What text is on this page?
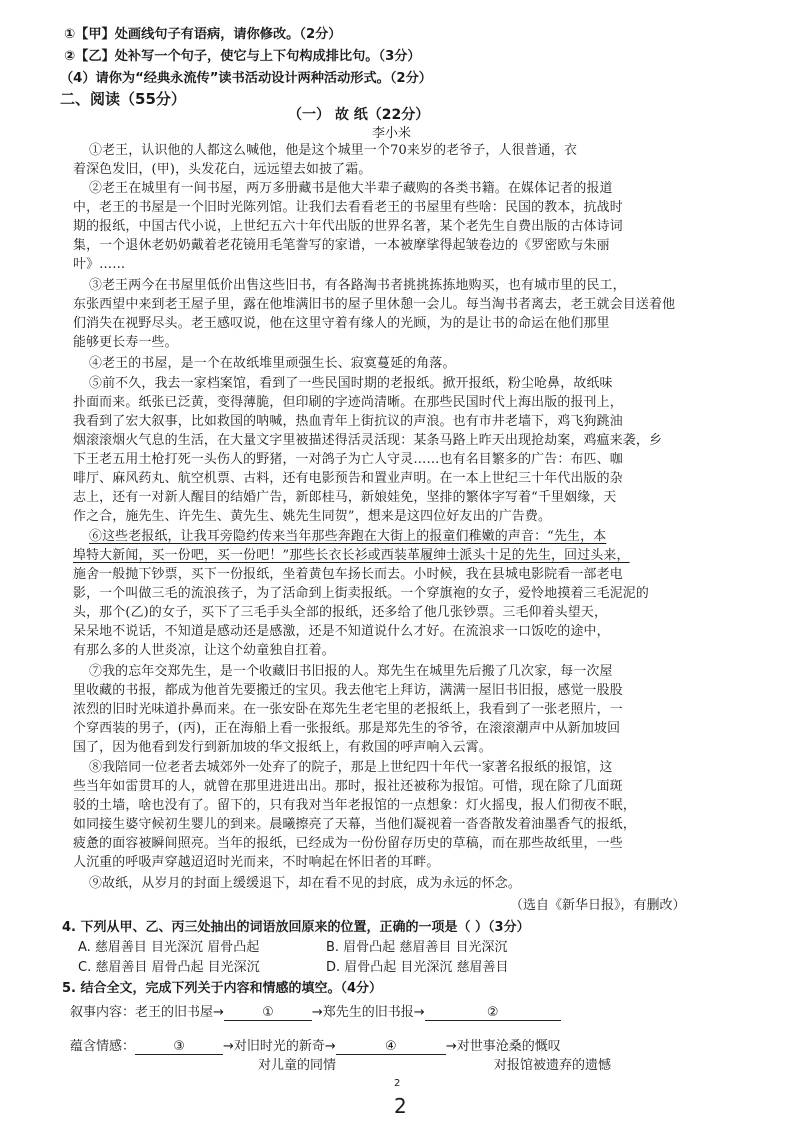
①【甲】处画线句子有语病，请你修改。（2分）
②【乙】处补写一个句子，使它与上下句构成排比句。（3分）
（4）请你为“经典永流传”读书活动设计两种活动形式。（2分）
二、阅读（55分）
（一） 故 纸（22分）
李小米
①老王，认识他的人都这么喊他，他是这个城里一个70来岁的老爷子，人很普通，衣
着深色发旧，(甲)，头发花白，远远望去如披了霜。
②老王在城里有一间书屋，两万多册藏书是他大半辈子藏购的各类书籍。在媒体记者的报道
中，老王的书屋是一个旧时光陈列馆。让我们去看看老王的书屋里有些啥：民国的教本，抗战时
期的报纸，中国古代小说，上世纪五六十年代出版的世界名著，某个老先生自费出版的古体诗词
集，一个退休老奶奶戴着老花镜用毛笔誊写的家谱，一本被摩挲得起皱卷边的《罗密欧与朱丽
叶》……
③老王两今在书屋里低价出售这些旧书，有各路淘书者挑挑拣拣地购买，也有城市里的民工，
东张西望中来到老王屋子里，露在他堆满旧书的屋子里休憩一会儿。每当淘书者离去，老王就会目送着他
们消失在视野尽头。老王感叹说，他在这里守着有缘人的光顾，为的是让书的命运在他们那里
能够更长寿一些。
④老王的书屋，是一个在故纸堆里顽强生长、寂寞蔓延的角落。
⑤前不久，我去一家档案馆，看到了一些民国时期的老报纸。掀开报纸，粉尘呛鼻，故纸味
扑面而来。纸张已泛黄，变得薄脆，但印刷的字迹尚清晰。在那些民国时代上海出版的报刊上，
我看到了宏大叙事，比如救国的呐喊，热血青年上街抗议的声浪。也有市井老墙下，鸡飞狗跳油
烟滚滚烟火气息的生活，在大量文字里被描述得活灵活现：某条马路上昨天出现抢劫案，鸡瘟来袭，乡
下王老五用土枪打死一头伤人的野猪，一对鸽子为亡人守灵……也有名目繁多的广告：布匹、咖
啡厅、麻风药丸、航空机票、古料，还有电影预告和置业声明。在一本上世纪三十年代出版的杂
志上，还有一对新人醒目的结婚广告，新郎桂马，新娘娃免，坚排的繁体字写着“千里姻缘，天
作之合，施先生、许先生、黄先生、姚先生同贺”，想来是这四位好友出的广告费。
⑥这些老报纸，让我耳旁隐约传来当年那些奔跑在大街上的报童们稚嫩的声音：“先生，本
埠特大新闻，买一份吧，买一份吧！”那些长衣长衫或西装革履绅士派头十足的先生，回过头来，
施舍一般抛下钞票，买下一份报纸，坐着黄包车扬长而去。小时候，我在县城电影院看一部老电
影，一个叫做三毛的流浪孩子，为了活命到上街卖报纸。一个穿旗袍的女子，爱怜地摸着三毛泥泥的
头，那个(乙)的女子，买下了三毛手头全部的报纸，还多给了他几张钞票。三毛仰着头望天，
呆呆地不说话，不知道是感动还是感激，还是不知道说什么才好。在流浪求一口饭吃的途中，
有那么多的人世炎凉，让这个幼童独自扛着。
⑦我的忘年交郑先生，是一个收藏旧书旧报的人。郑先生在城里先后搬了几次家，每一次屋
里收藏的书报，都成为他首先要搬迁的宝贝。我去他宅上拜访，满满一屋旧书旧报，感觉一股股
浓烈的旧时光味道扑鼻而来。在一张安卧在郑先生老宅里的老报纸上，我看到了一张老照片，一
个穿西装的男子，(丙)，正在海船上看一张报纸。那是郑先生的爷爷，在滚滚潮声中从新加坡回
国了，因为他看到发行到新加坡的华文报纸上，有救国的呼声响入云霄。
⑧我陪同一位老者去城郊外一处弃了的院子，那是上世纪四十年代一家著名报纸的报馆，这
些当年如雷贯耳的人，就曾在那里进进出出。那时，报社还被称为报馆。可惜，现在除了几面斑
驳的土墙，啥也没有了。留下的，只有我对当年老报馆的一点想象：灯火摇曳，报人们彻夜不眠，
如同接生婆守候初生婴儿的到来。晨曦擦亮了天幕，当他们凝视着一沓沓散发着油墨香气的报纸，
疲惫的面容被瞬间照亮。当年的报纸，已经成为一份份留存历史的草稿，而在那些故纸里，一些
人沉重的呼吸声穿越迢迢时光而来，不时响起在怀旧者的耳畔。
⑨故纸，从岁月的封面上缓缓退下，却在看不见的封底，成为永远的怀念。
（选自《新华日报》，有删改）
4. 下列从甲、乙、丙三处抽出的词语放回原来的位置，正确的一项是（ ）（3分）
A. 慈眉善目 目光深沉 眉骨凸起	B. 眉骨凸起 慈眉善目 目光深沉
C. 慈眉善目 眉骨凸起 目光深沉	D. 眉骨凸起 目光深沉 慈眉善目
5. 结合全文，完成下列关于内容和情感的填空。（4分）
叙事内容：老王的旧书屋→	①	→郑先生的旧书报→	②
蕴含情感：	③	→对旧时光的新奇→	④	→对世事沧桑的慨叹
对儿童的同情	对报馆被遗弃的遗憾
2
2
